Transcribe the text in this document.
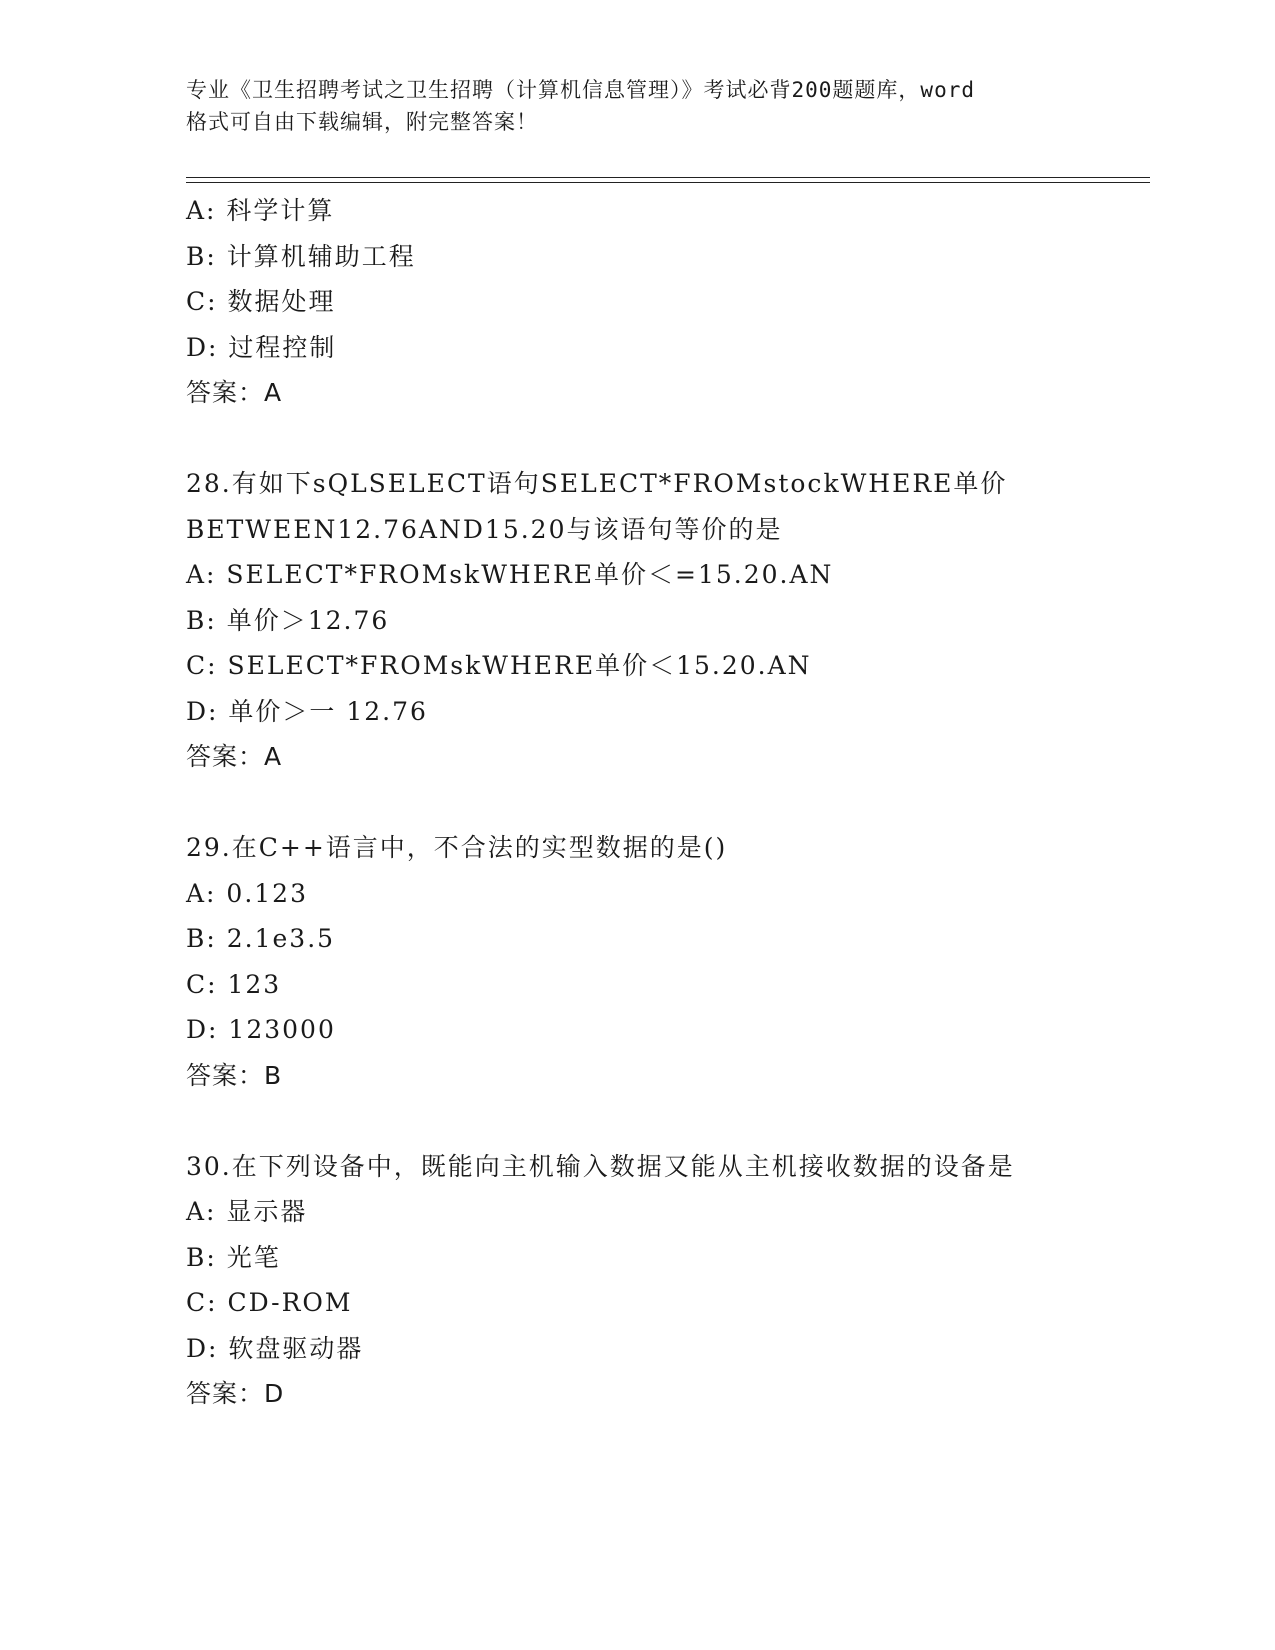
专业《卫生招聘考试之卫生招聘（计算机信息管理）》考试必背200题题库，word
格式可自由下载编辑，附完整答案！
A: 科学计算
B: 计算机辅助工程
C: 数据处理
D: 过程控制
答案：A
28.有如下sQLSELECT语句SELECT*FROMstockWHERE单价
BETWEEN12.76AND15.20与该语句等价的是
A: SELECT*FROMskWHERE单价＜=15.20.AN
B: 单价＞12.76
C: SELECT*FROMskWHERE单价＜15.20.AN
D: 单价＞一 12.76
答案：A
29.在C++语言中，不合法的实型数据的是()
A: 0.123
B: 2.1e3.5
C: 123
D: 123000
答案：B
30.在下列设备中，既能向主机输入数据又能从主机接收数据的设备是
A: 显示器
B: 光笔
C: CD-ROM
D: 软盘驱动器
答案：D
